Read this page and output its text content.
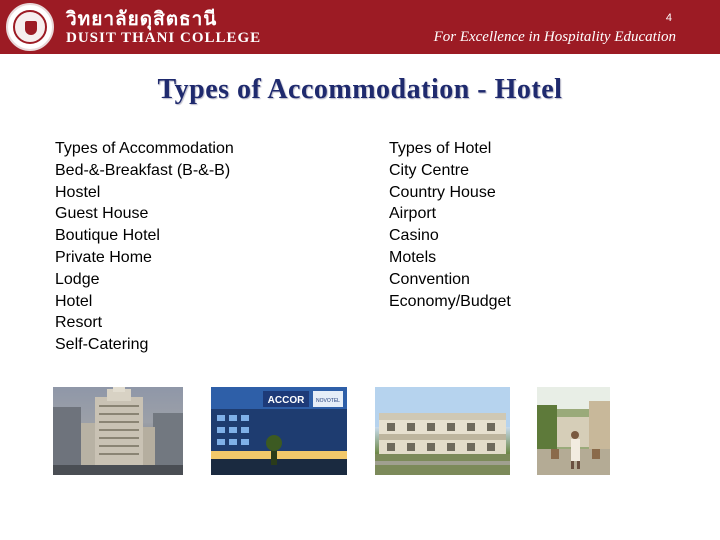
วิทยาลัยดุสิตธานี
DUSIT THANI COLLEGE
4
For Excellence in Hospitality Education
Types of Accommodation - Hotel
Types of Accommodation
Bed-&-Breakfast (B-&-B)
Hostel
Guest House
Boutique Hotel
Private Home
Lodge
Hotel
Resort
Self-Catering
Types of Hotel
City Centre
Country House
Airport
Casino
Motels
Convention
Economy/Budget
ACCOR NOVOTEL
